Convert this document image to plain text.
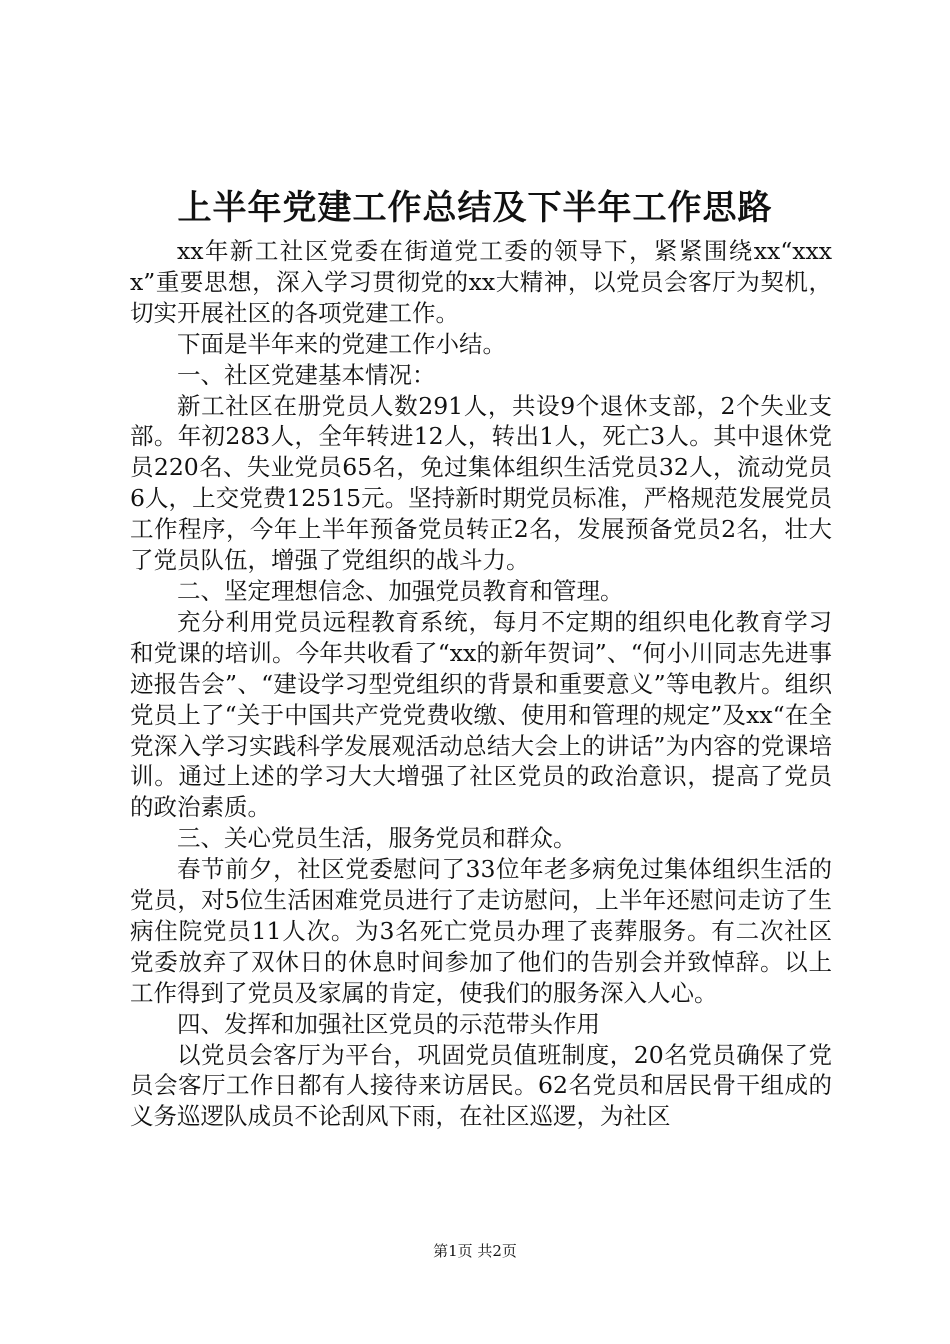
上半年党建工作总结及下半年工作思路

xx年新工社区党委在街道党工委的领导下，紧紧围绕xx“xxxx”重要思想，深入学习贯彻党的xx大精神，以党员会客厅为契机，切实开展社区的各项党建工作。

下面是半年来的党建工作小结。

一、社区党建基本情况：

新工社区在册党员人数291人，共设9个退休支部，2个失业支部。年初283人，全年转进12人，转出1人，死亡3人。其中退休党员220名、失业党员65名，免过集体组织生活党员32人，流动党员6人，上交党费12515元。坚持新时期党员标准，严格规范发展党员工作程序，今年上半年预备党员转正2名，发展预备党员2名，壮大了党员队伍，增强了党组织的战斗力。

二、坚定理想信念、加强党员教育和管理。

充分利用党员远程教育系统，每月不定期的组织电化教育学习和党课的培训。今年共收看了“xx的新年贺词”、“何小川同志先进事迹报告会”、“建设学习型党组织的背景和重要意义”等电教片。组织党员上了“关于中国共产党党费收缴、使用和管理的规定”及xx“在全党深入学习实践科学发展观活动总结大会上的讲话”为内容的党课培训。通过上述的学习大大增强了社区党员的政治意识，提高了党员的政治素质。

三、关心党员生活，服务党员和群众。

春节前夕，社区党委慰问了33位年老多病免过集体组织生活的党员，对5位生活困难党员进行了走访慰问，上半年还慰问走访了生病住院党员11人次。为3名死亡党员办理了丧葬服务。有二次社区党委放弃了双休日的休息时间参加了他们的告别会并致悼辞。以上工作得到了党员及家属的肯定，使我们的服务深入人心。

四、发挥和加强社区党员的示范带头作用

以党员会客厅为平台，巩固党员值班制度，20名党员确保了党员会客厅工作日都有人接待来访居民。62名党员和居民骨干组成的义务巡逻队成员不论刮风下雨，在社区巡逻，为社区

第1页 共2页
